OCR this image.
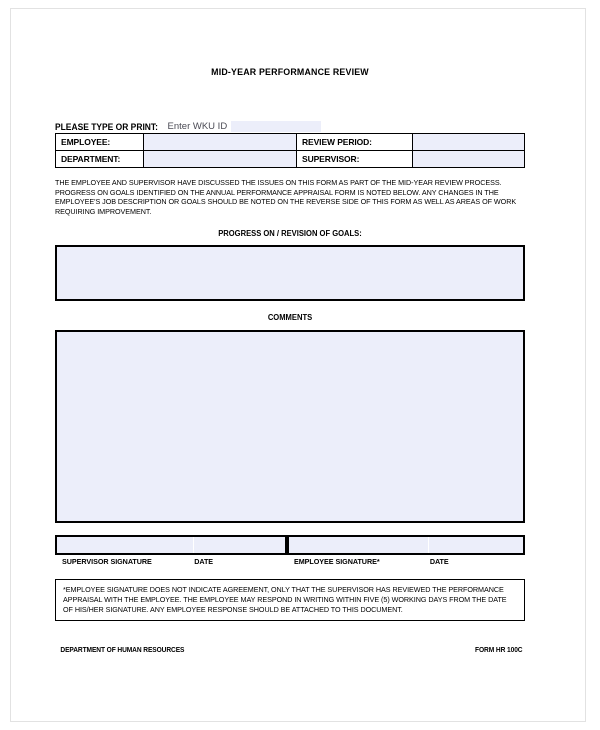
MID-YEAR PERFORMANCE REVIEW
PLEASE TYPE OR PRINT: Enter WKU ID
EMPLOYEE:		REVIEW PERIOD:	

DEPARTMENT:		SUPERVISOR:	
THE EMPLOYEE AND SUPERVISOR HAVE DISCUSSED THE ISSUES ON THIS FORM AS PART OF THE MID-YEAR REVIEW PROCESS. PROGRESS ON GOALS IDENTIFIED ON THE ANNUAL PERFORMANCE APPRAISAL FORM IS NOTED BELOW. ANY CHANGES IN THE EMPLOYEE'S JOB DESCRIPTION OR GOALS SHOULD BE NOTED ON THE REVERSE SIDE OF THIS FORM AS WELL AS AREAS OF WORK REQUIRING IMPROVEMENT.
PROGRESS ON / REVISION OF GOALS:
COMMENTS
SUPERVISOR SIGNATURE	DATE	EMPLOYEE SIGNATURE*	DATE
*EMPLOYEE SIGNATURE DOES NOT INDICATE AGREEMENT, ONLY THAT THE SUPERVISOR HAS REVIEWED THE PERFORMANCE APPRAISAL WITH THE EMPLOYEE. THE EMPLOYEE MAY RESPOND IN WRITING WITHIN FIVE (5) WORKING DAYS FROM THE DATE OF HIS/HER SIGNATURE. ANY EMPLOYEE RESPONSE SHOULD BE ATTACHED TO THIS DOCUMENT.
DEPARTMENT OF HUMAN RESOURCES	FORM HR 100C
